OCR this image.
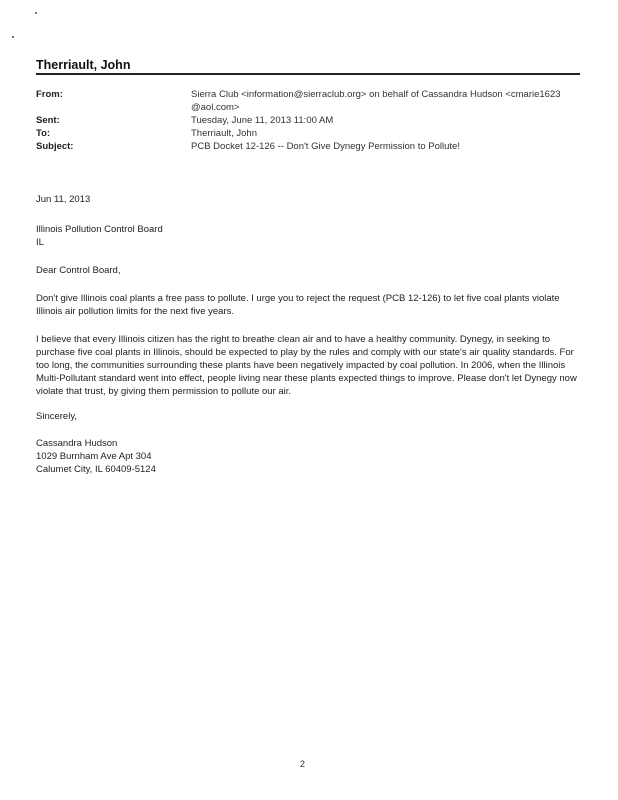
Therriault, John
From:	Sierra Club <information@sierraclub.org> on behalf of Cassandra Hudson <cmarie1623 @aol.com>
Sent:	Tuesday, June 11, 2013 11:00 AM
To:	Therriault, John
Subject:	PCB Docket 12-126 -- Don't Give Dynegy Permission to Pollute!
Jun 11, 2013
Illinois Pollution Control Board
IL
Dear Control Board,
Don't give Illinois coal plants a free pass to pollute. I urge you to reject the request (PCB 12-126) to let five coal plants violate Illinois air pollution limits for the next five years.
I believe that every Illinois citizen has the right to breathe clean air and to have a healthy community. Dynegy, in seeking to purchase five coal plants in Illinois, should be expected to play by the rules and comply with our state's air quality standards. For too long, the communities surrounding these plants have been negatively impacted by coal pollution. In 2006, when the Illinois Multi-Pollutant standard went into effect, people living near these plants expected things to improve. Please don't let Dynegy now violate that trust, by giving them permission to pollute our air.
Sincerely,
Cassandra Hudson
1029 Burnham Ave Apt 304
Calumet City, IL 60409-5124
2
